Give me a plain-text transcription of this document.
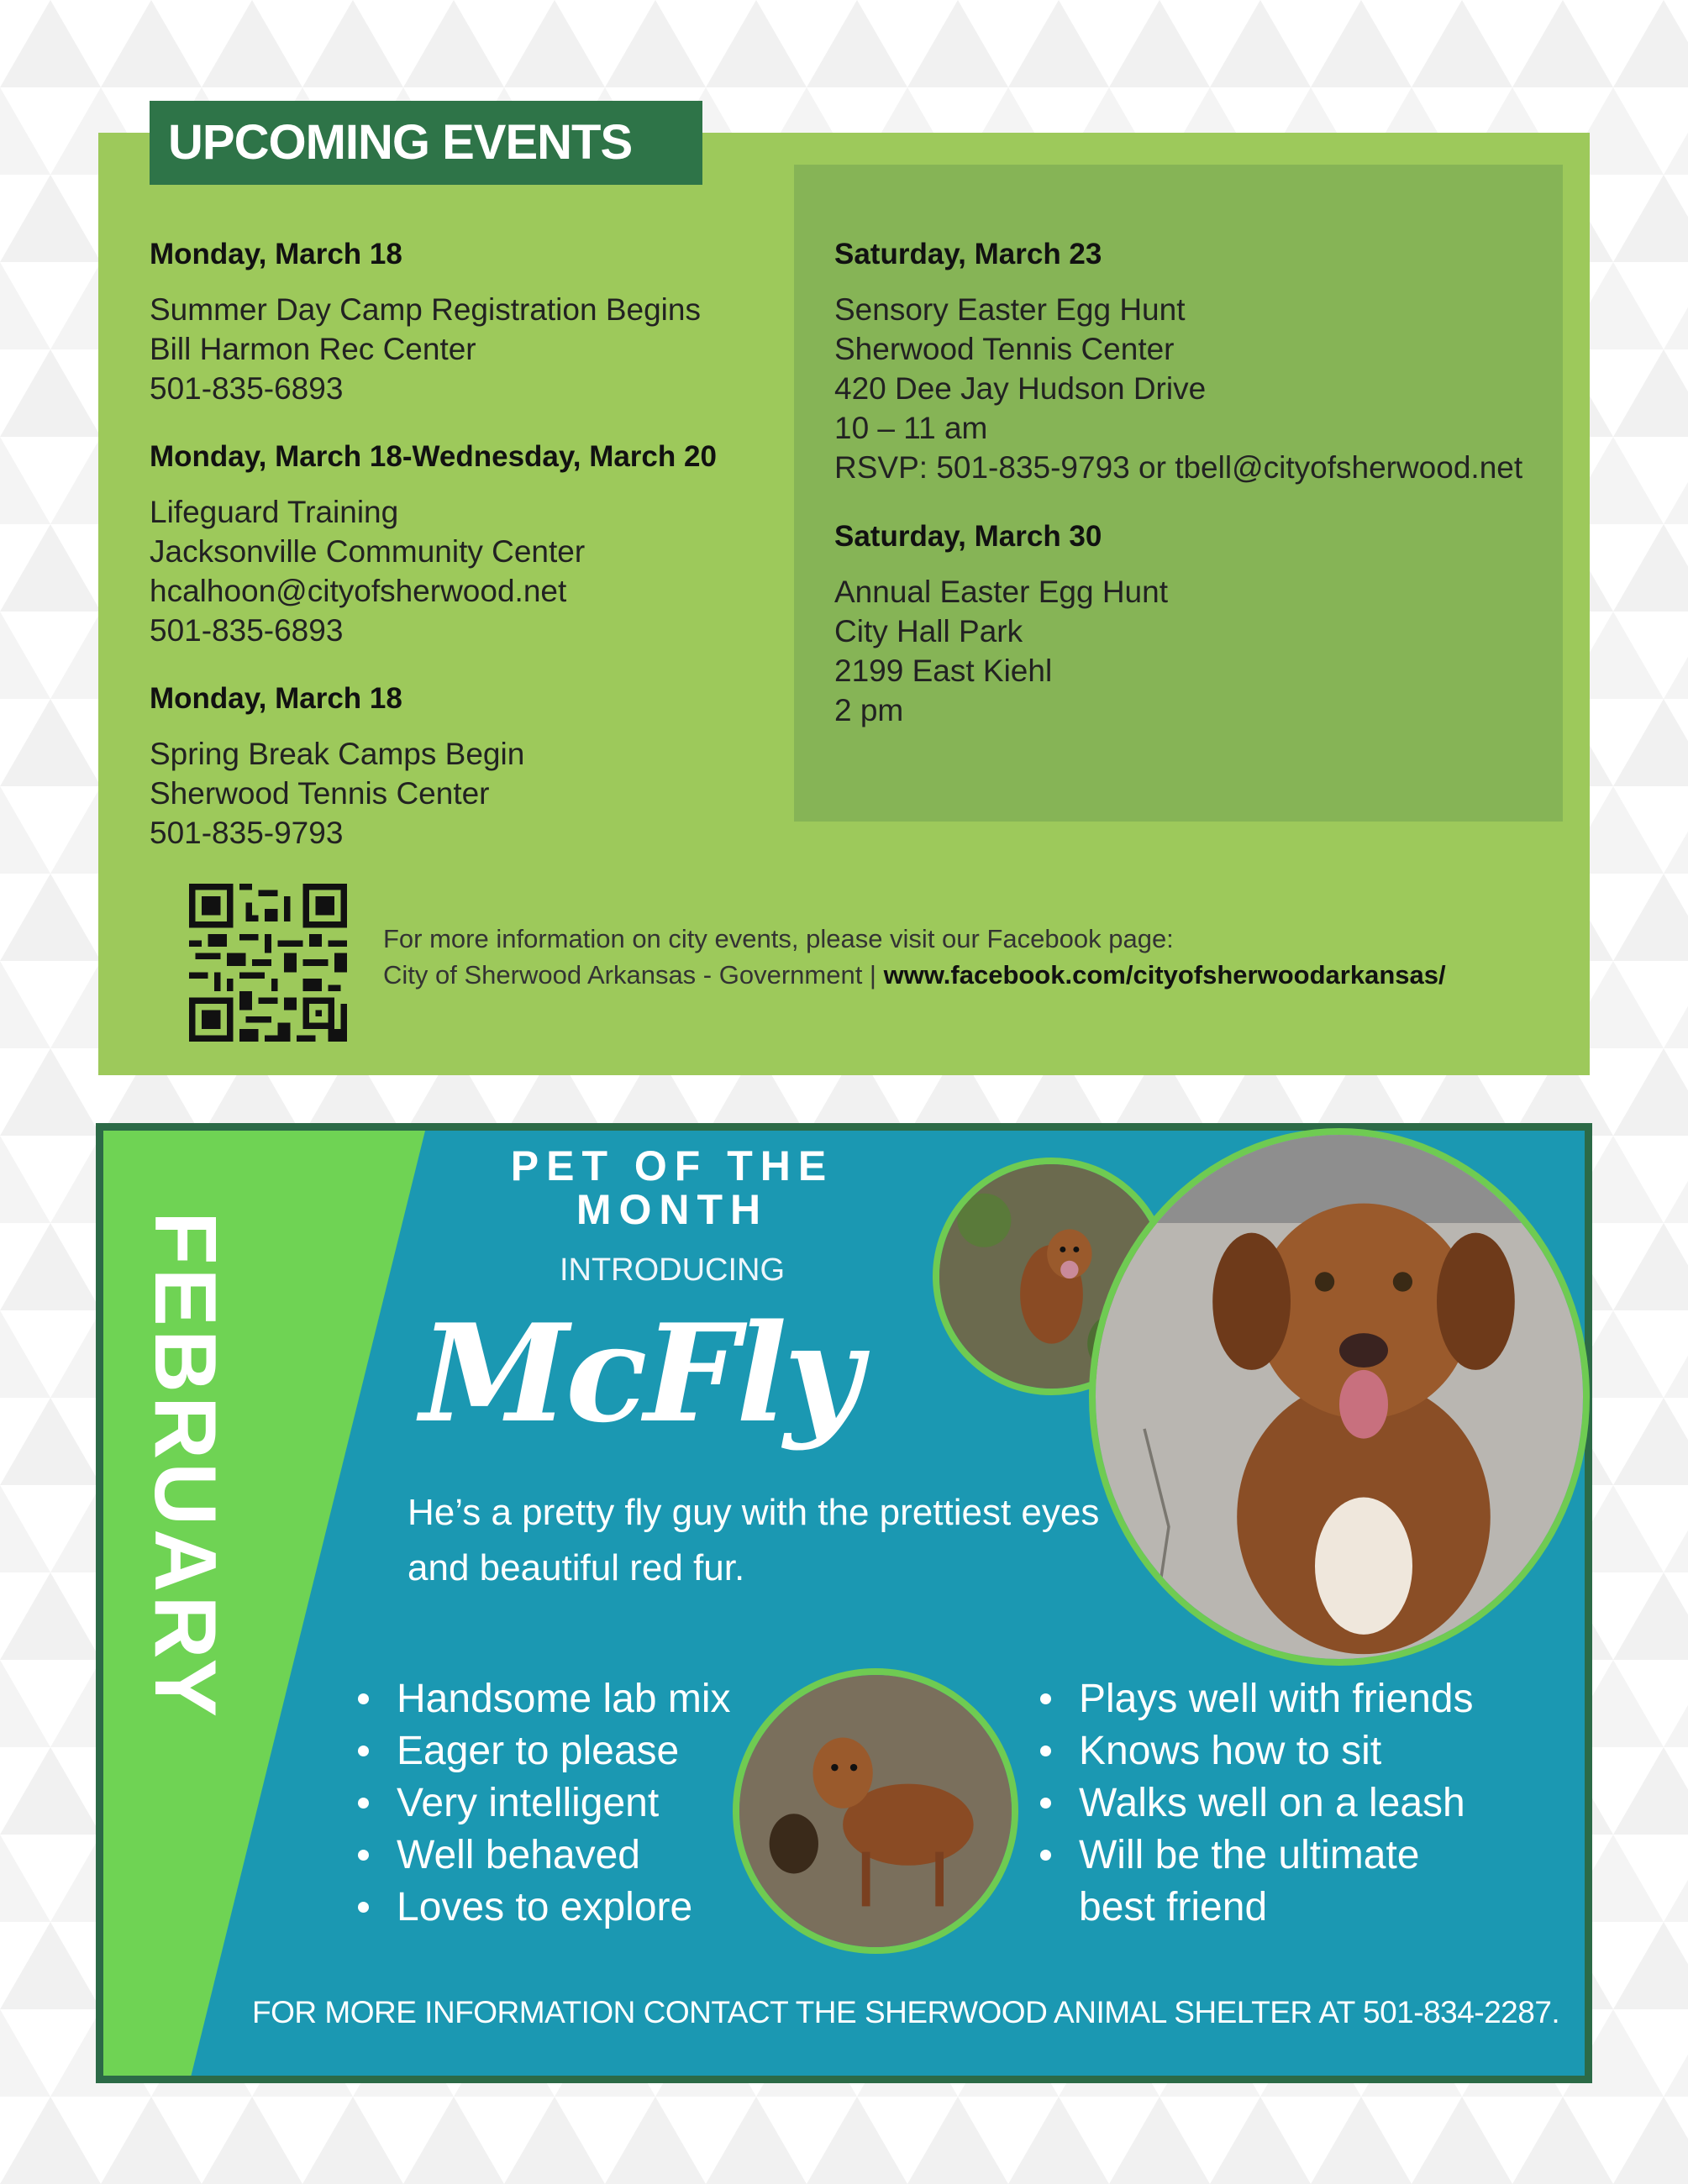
UPCOMING EVENTS
Monday, March 18
Summer Day Camp Registration Begins
Bill Harmon Rec Center
501-835-6893
Monday, March 18-Wednesday, March 20
Lifeguard Training
Jacksonville Community Center
hcalhoon@cityofsherwood.net
501-835-6893
Monday, March 18
Spring Break Camps Begin
Sherwood Tennis Center
501-835-9793
Saturday, March 23
Sensory Easter Egg Hunt
Sherwood Tennis Center
420 Dee Jay Hudson Drive
10 – 11 am
RSVP: 501-835-9793 or tbell@cityofsherwood.net
Saturday, March 30
Annual Easter Egg Hunt
City Hall Park
2199 East Kiehl
2 pm
For more information on city events, please visit our Facebook page:
City of Sherwood Arkansas - Government | www.facebook.com/cityofsherwoodarkansas/
FEBRUARY
PET OF THE
MONTH
INTRODUCING
McFly
He’s a pretty fly guy with the prettiest eyes and beautiful red fur.
Handsome lab mix
Eager to please
Very intelligent
Well behaved
Loves to explore
Plays well with friends
Knows how to sit
Walks well on a leash
Will be the ultimate
best friend
FOR MORE INFORMATION CONTACT THE SHERWOOD ANIMAL SHELTER AT 501-834-2287.
